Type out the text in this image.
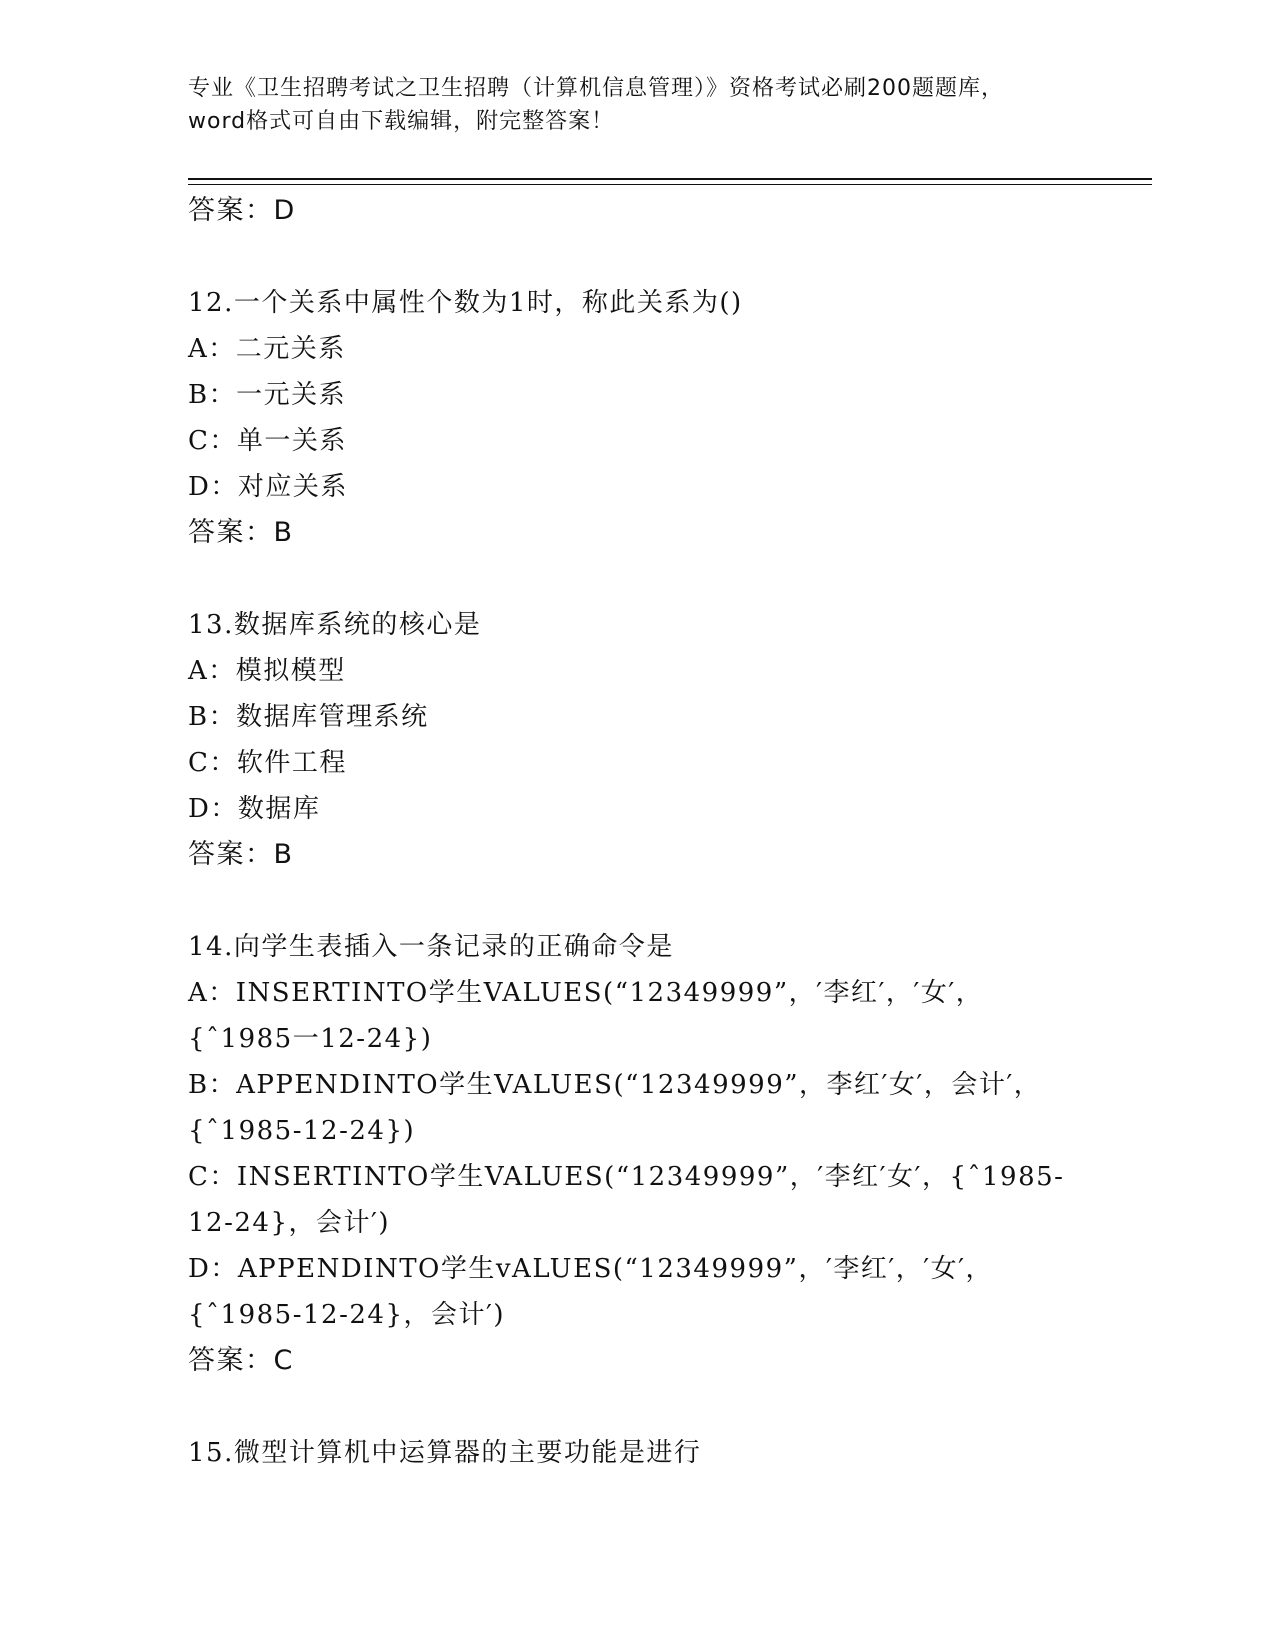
专业《卫生招聘考试之卫生招聘（计算机信息管理）》资格考试必刷200题题库，
word格式可自由下载编辑，附完整答案！
答案：D
12.一个关系中属性个数为1时，称此关系为()
A：二元关系
B：一元关系
C：单一关系
D：对应关系
答案：B
13.数据库系统的核心是
A：模拟模型
B：数据库管理系统
C：软件工程
D：数据库
答案：B
14.向学生表插入一条记录的正确命令是
A：INSERTINTO学生VALUES(“12349999”，′李红′，′女′，
{ˆ1985一12-24})
B：APPENDINTO学生VALUES(“12349999”，李红′女′，会计′，
{ˆ1985-12-24})
C：INSERTINTO学生VALUES(“12349999”，′李红′女′，{ˆ1985-
12-24}，会计′)
D：APPENDINTO学生vALUES(“12349999”，′李红′，′女′，
{ˆ1985-12-24}，会计′)
答案：C
15.微型计算机中运算器的主要功能是进行
